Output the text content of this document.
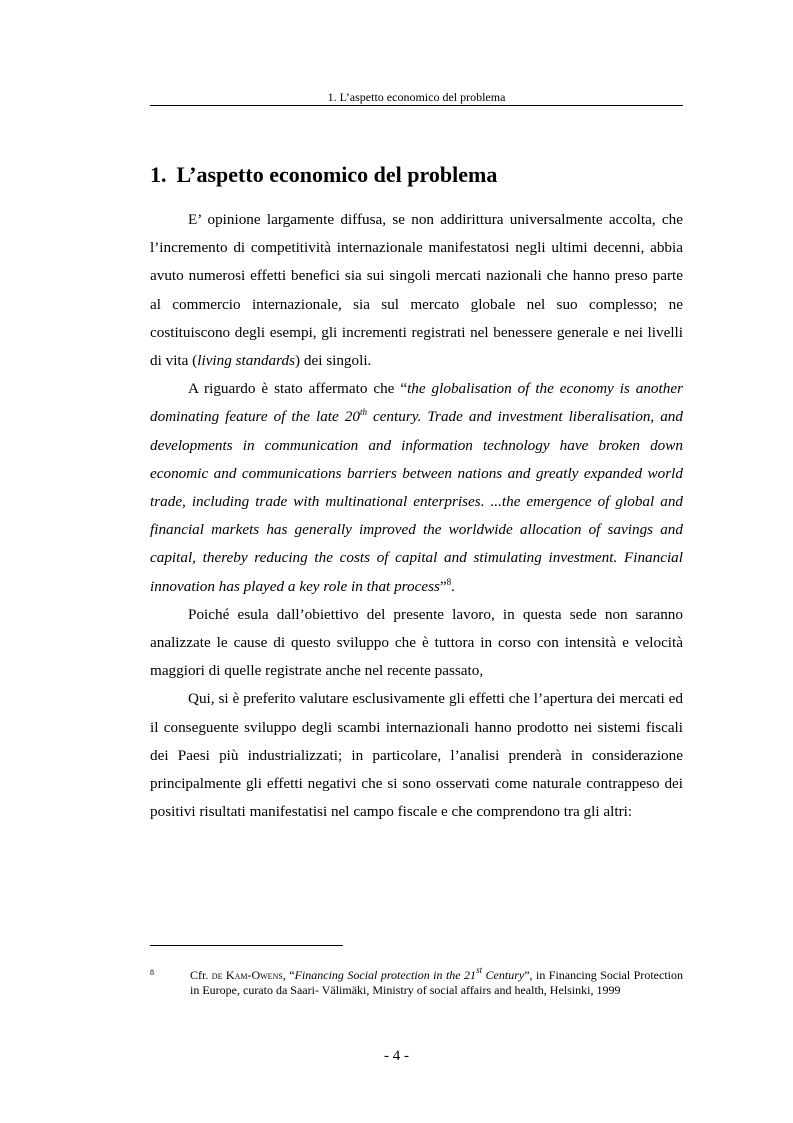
1. L’aspetto economico del problema
1. L’aspetto economico del problema

E’ opinione largamente diffusa, se non addirittura universalmente accolta, che l’incremento di competitività internazionale manifestatosi negli ultimi decenni, abbia avuto numerosi effetti benefici sia sui singoli mercati nazionali che hanno preso parte al commercio internazionale, sia sul mercato globale nel suo complesso; ne costituiscono degli esempi, gli incrementi registrati nel benessere generale e nei livelli di vita (living standards) dei singoli.

A riguardo è stato affermato che “the globalisation of the economy is another dominating feature of the late 20th century. Trade and investment liberalisation, and developments in communication and information technology have broken down economic and communications barriers between nations and greatly expanded world trade, including trade with multinational enterprises. ...the emergence of global and financial markets has generally improved the worldwide allocation of savings and capital, thereby reducing the costs of capital and stimulating investment. Financial innovation has played a key role in that process”$^8$.

Poiché esula dall’obiettivo del presente lavoro, in questa sede non saranno analizzate le cause di questo sviluppo che è tuttora in corso con intensità e velocità maggiori di quelle registrate anche nel recente passato,

Qui, si è preferito valutare esclusivamente gli effetti che l’apertura dei mercati ed il conseguente sviluppo degli scambi internazionali hanno prodotto nei sistemi fiscali dei Paesi più industrializzati; in particolare, l’analisi prenderà in considerazione principalmente gli effetti negativi che si sono osservati come naturale contrappeso dei positivi risultati manifestatisi nel campo fiscale e che comprendono tra gli altri:

8	Cfr. de Kam-Owens, “Financing Social protection in the 21st Century”, in Financing Social Protection in Europe, curato da Saari- Välimäki, Ministry of social affairs and health, Helsinki, 1999
- 4 -
